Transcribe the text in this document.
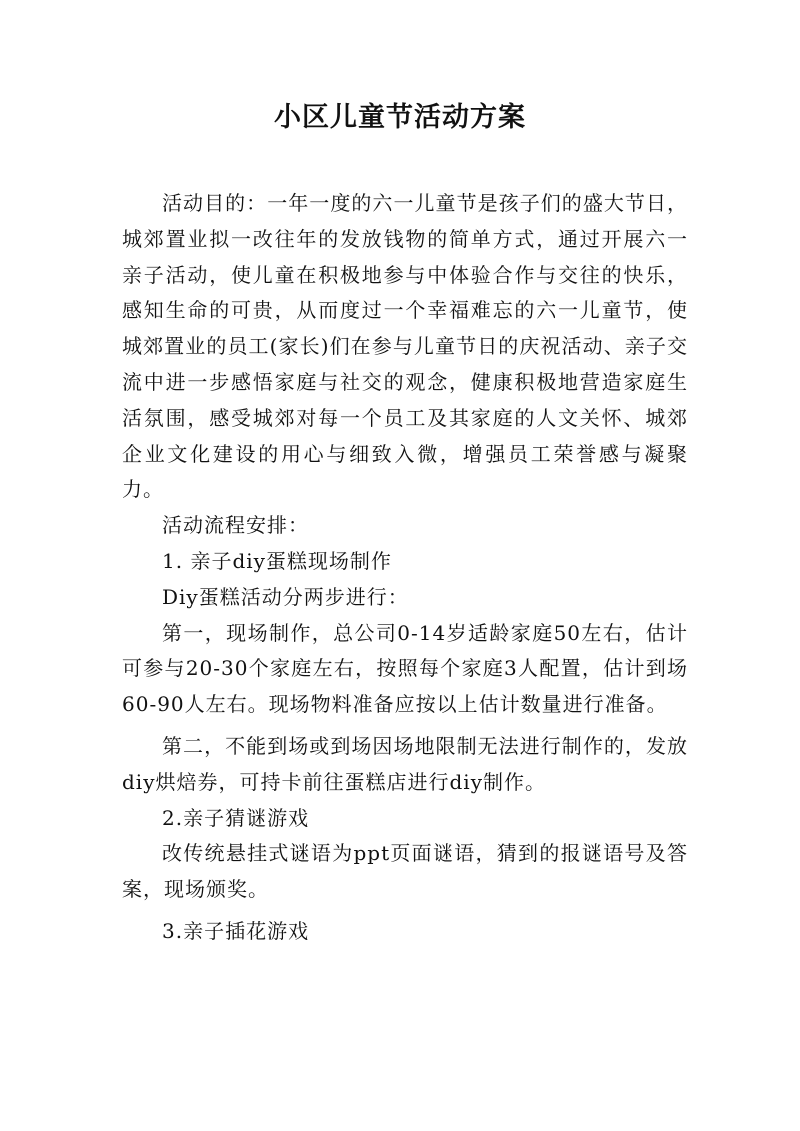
小区儿童节活动方案

活动目的：一年一度的六一儿童节是孩子们的盛大节日，城郊置业拟一改往年的发放钱物的简单方式，通过开展六一亲子活动，使儿童在积极地参与中体验合作与交往的快乐，感知生命的可贵，从而度过一个幸福难忘的六一儿童节，使城郊置业的员工(家长)们在参与儿童节日的庆祝活动、亲子交流中进一步感悟家庭与社交的观念，健康积极地营造家庭生活氛围，感受城郊对每一个员工及其家庭的人文关怀、城郊企业文化建设的用心与细致入微，增强员工荣誉感与凝聚力。

活动流程安排：

1. 亲子diy蛋糕现场制作

Diy蛋糕活动分两步进行：

第一，现场制作，总公司0-14岁适龄家庭50左右，估计可参与20-30个家庭左右，按照每个家庭3人配置，估计到场60-90人左右。现场物料准备应按以上估计数量进行准备。

第二，不能到场或到场因场地限制无法进行制作的，发放diy烘焙券，可持卡前往蛋糕店进行diy制作。

2.亲子猜谜游戏

改传统悬挂式谜语为ppt页面谜语，猜到的报谜语号及答案，现场颁奖。

3.亲子插花游戏
